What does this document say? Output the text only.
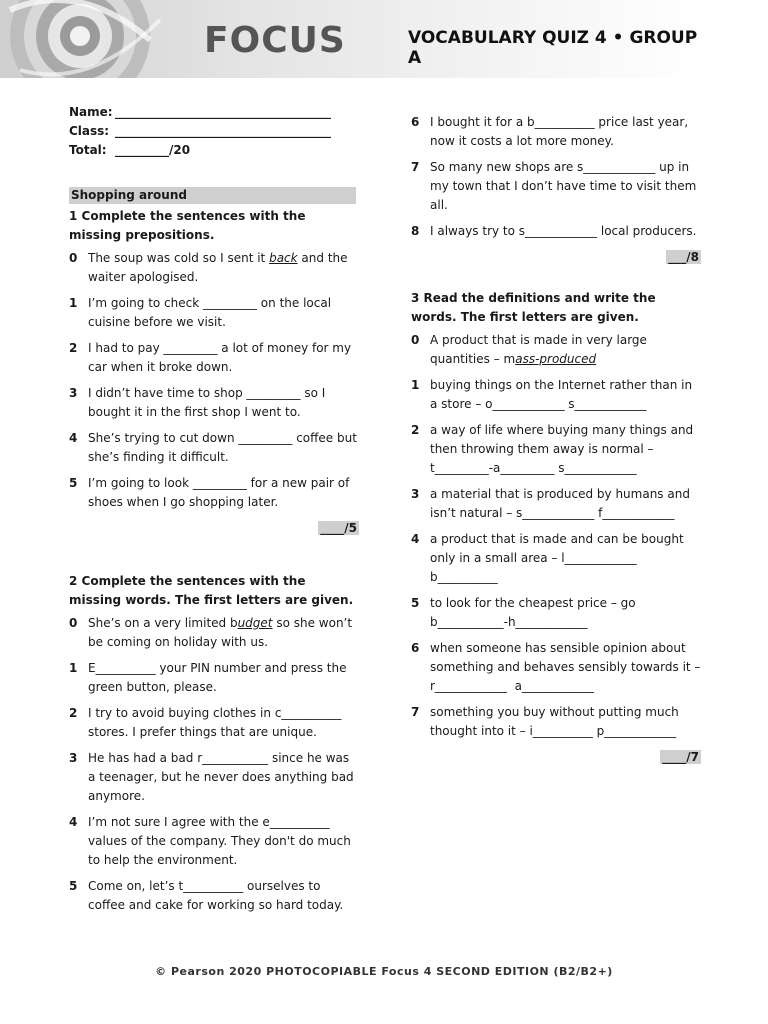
FOCUS	VOCABULARY QUIZ 4 • GROUP A
Name: ____________________________________
Class: ____________________________________
Total: _________/20
Shopping around
1 Complete the sentences with the missing prepositions.
0 The soup was cold so I sent it back and the waiter apologised.
1 I’m going to check _________ on the local cuisine before we visit.
2 I had to pay _________ a lot of money for my car when it broke down.
3 I didn’t have time to shop _________ so I bought it in the first shop I went to.
4 She’s trying to cut down _________ coffee but she’s finding it difficult.
5 I’m going to look _________ for a new pair of shoes when I go shopping later.
____/5
2 Complete the sentences with the missing words. The first letters are given.
0 She’s on a very limited budget so she won’t be coming on holiday with us.
1 E__________ your PIN number and press the green button, please.
2 I try to avoid buying clothes in c__________ stores. I prefer things that are unique.
3 He has had a bad r___________ since he was a teenager, but he never does anything bad anymore.
4 I’m not sure I agree with the e__________ values of the company. They don't do much to help the environment.
5 Come on, let’s t__________ ourselves to coffee and cake for working so hard today.
6 I bought it for a b__________ price last year, now it costs a lot more money.
7 So many new shops are s____________ up in my town that I don’t have time to visit them all.
8 I always try to s____________ local producers.
___/8
3 Read the definitions and write the words. The first letters are given.
0 A product that is made in very large quantities – mass-produced
1 buying things on the Internet rather than in a store – o____________ s____________
2 a way of life where buying many things and then throwing them away is normal – t_________-a_________ s____________
3 a material that is produced by humans and isn’t natural – s____________ f____________
4 a product that is made and can be bought only in a small area – l____________ b__________
5 to look for the cheapest price – go b___________-h____________
6 when someone has sensible opinion about something and behaves sensibly towards it – r____________  a____________
7 something you buy without putting much thought into it – i__________ p____________
____/7
© Pearson 2020 PHOTOCOPIABLE Focus 4 SECOND EDITION (B2/B2+)
